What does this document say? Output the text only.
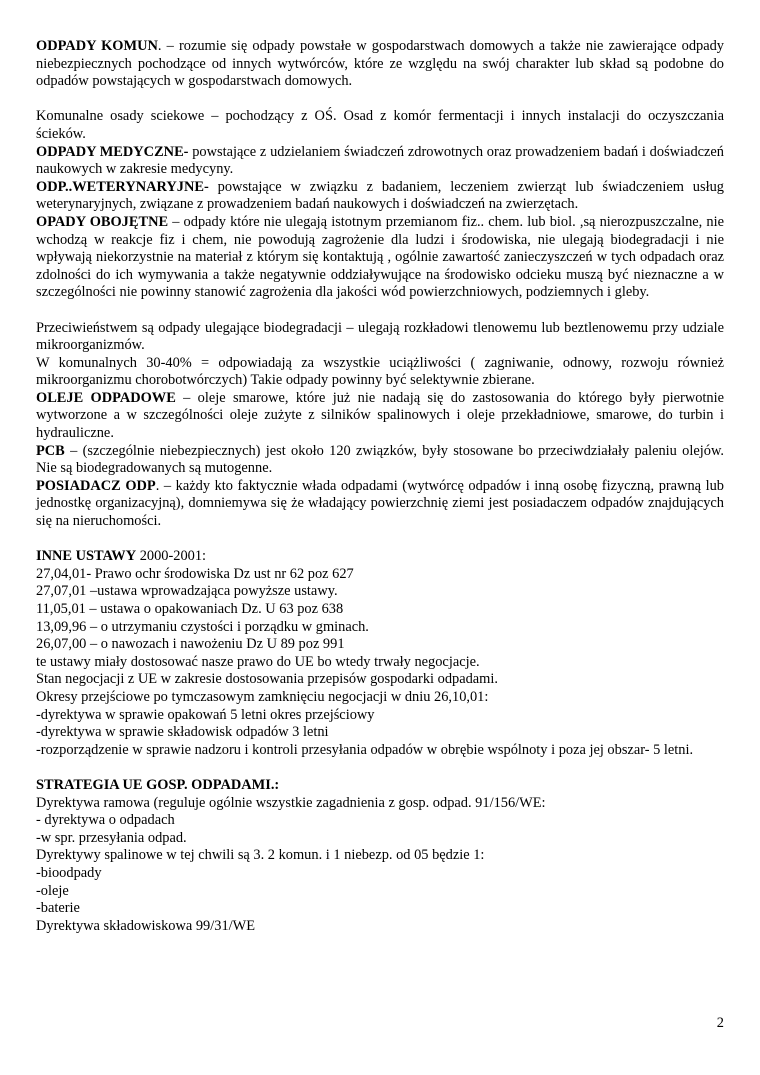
ODPADY KOMUN. – rozumie się odpady powstałe w gospodarstwach domowych a także nie zawierające odpady niebezpiecznych pochodzące od innych wytwórców, które ze względu na swój charakter lub skład są podobne do odpadów powstających w gospodarstwach domowych.

Komunalne osady sciekowe – pochodzący z OŚ. Osad z komór fermentacji i innych instalacji do oczyszczania ścieków.

ODPADY MEDYCZNE- powstające z udzielaniem świadczeń zdrowotnych oraz prowadzeniem badań i doświadczeń naukowych w zakresie medycyny.

ODP..WETERYNARYJNE- powstające w związku z badaniem, leczeniem zwierząt lub świadczeniem usług weterynaryjnych, związane z prowadzeniem badań naukowych i doświadczeń na zwierzętach.

OPADY OBOJĘTNE – odpady które nie ulegają istotnym przemianom fiz.. chem. lub biol. ,są nierozpuszczalne, nie wchodzą w reakcje fiz i chem, nie powodują zagrożenie dla ludzi i środowiska, nie ulegają biodegradacji i nie wpływają niekorzystnie na materiał z którym się kontaktują , ogólnie zawartość zanieczyszczeń w tych odpadach oraz zdolności do ich wymywania a także negatywnie oddziaływujące na środowisko odcieku muszą być nieznaczne a w szczególności nie powinny stanowić zagrożenia dla jakości wód powierzchniowych, podziemnych i gleby.

Przeciwieństwem są odpady ulegające biodegradacji – ulegają rozkładowi tlenowemu lub beztlenowemu przy udziale mikroorganizmów.

W komunalnych 30-40% = odpowiadają za wszystkie uciążliwości ( zagniwanie, odnowy, rozwoju również mikroorganizmu chorobotwórczych) Takie odpady powinny być selektywnie zbierane.

OLEJE ODPADOWE – oleje smarowe, które już nie nadają się do zastosowania do którego były pierwotnie wytworzone a w szczególności oleje zużyte z silników spalinowych i oleje przekładniowe, smarowe, do turbin i hydrauliczne.

PCB – (szczególnie niebezpiecznych) jest około 120 związków, były stosowane bo przeciwdziałały paleniu olejów. Nie są biodegradowanych są mutogenne.

POSIADACZ ODP. – każdy kto faktycznie włada odpadami (wytwórcę odpadów i inną osobę fizyczną, prawną lub jednostkę organizacyjną), domniemywa się że władający powierzchnię ziemi jest posiadaczem odpadów znajdujących się na nieruchomości.

INNE USTAWY 2000-2001:

27,04,01- Prawo ochr środowiska Dz ust nr 62 poz 627

27,07,01 –ustawa wprowadzająca powyższe ustawy.

11,05,01 – ustawa o opakowaniach Dz. U 63 poz 638

13,09,96 – o utrzymaniu czystości i porządku w gminach.

26,07,00 – o nawozach i nawożeniu Dz U 89 poz 991

te ustawy miały dostosować nasze prawo do UE bo wtedy trwały negocjacje.

Stan negocjacji z UE w zakresie dostosowania przepisów gospodarki odpadami.

Okresy przejściowe po tymczasowym zamknięciu negocjacji w dniu 26,10,01:

-dyrektywa w sprawie opakowań 5 letni okres przejściowy

-dyrektywa w sprawie składowisk odpadów 3 letni

-rozporządzenie w sprawie nadzoru i kontroli przesyłania odpadów w obrębie wspólnoty i poza jej obszar- 5 letni.

STRATEGIA UE GOSP. ODPADAMI.:

Dyrektywa ramowa (reguluje ogólnie wszystkie zagadnienia z gosp. odpad. 91/156/WE:

- dyrektywa o odpadach

-w spr. przesyłania odpad.

Dyrektywy spalinowe w tej chwili są 3. 2 komun. i 1 niebezp. od 05 będzie 1:

-bioodpady

-oleje

-baterie

Dyrektywa składowiskowa 99/31/WE

2
